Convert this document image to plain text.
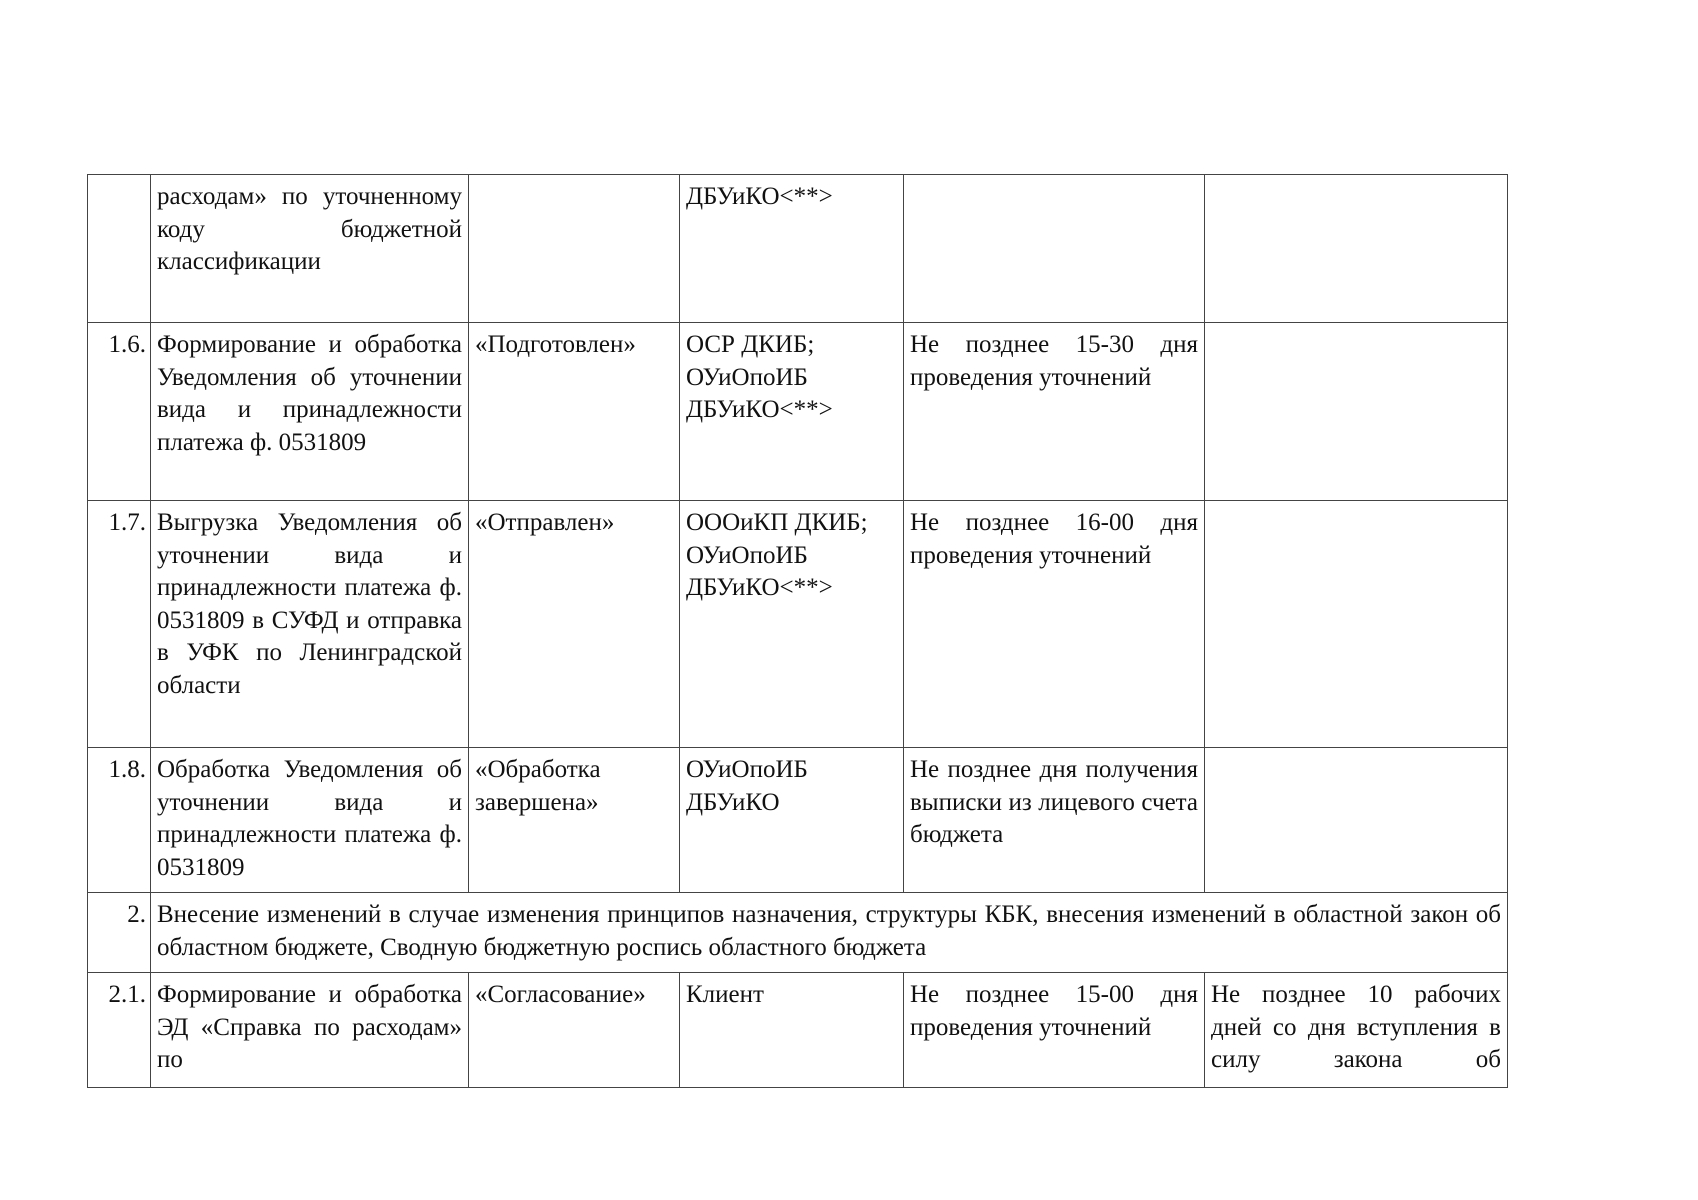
	расходам» по уточненному коду бюджетной классификации		ДБУиКО<**>		
1.6.	Формирование и обработка Уведомления об уточнении вида и принадлежности платежа ф. 0531809	«Подготовлен»	ОСР ДКИБ; ОУиОпоИБ ДБУиКО<**>	Не позднее 15-30 дня проведения уточнений	
1.7.	Выгрузка Уведомления об уточнении вида и принадлежности платежа ф. 0531809 в СУФД и отправка в УФК по Ленинградской области	«Отправлен»	ОООиКП ДКИБ; ОУиОпоИБ ДБУиКО<**>	Не позднее 16-00 дня проведения уточнений	
1.8.	Обработка Уведомления об уточнении вида и принадлежности платежа ф. 0531809	«Обработка завершена»	ОУиОпоИБ ДБУиКО	Не позднее дня получения выписки из лицевого счета бюджета	
2.	Внесение изменений в случае изменения принципов назначения, структуры КБК, внесения изменений в областной закон об областном бюджете, Сводную бюджетную роспись областного бюджета				
2.1.	Формирование и обработка ЭД «Справка по расходам» по	«Согласование»	Клиент	Не позднее 15-00 дня проведения уточнений	Не позднее 10 рабочих дней со дня вступления в силу закона об
